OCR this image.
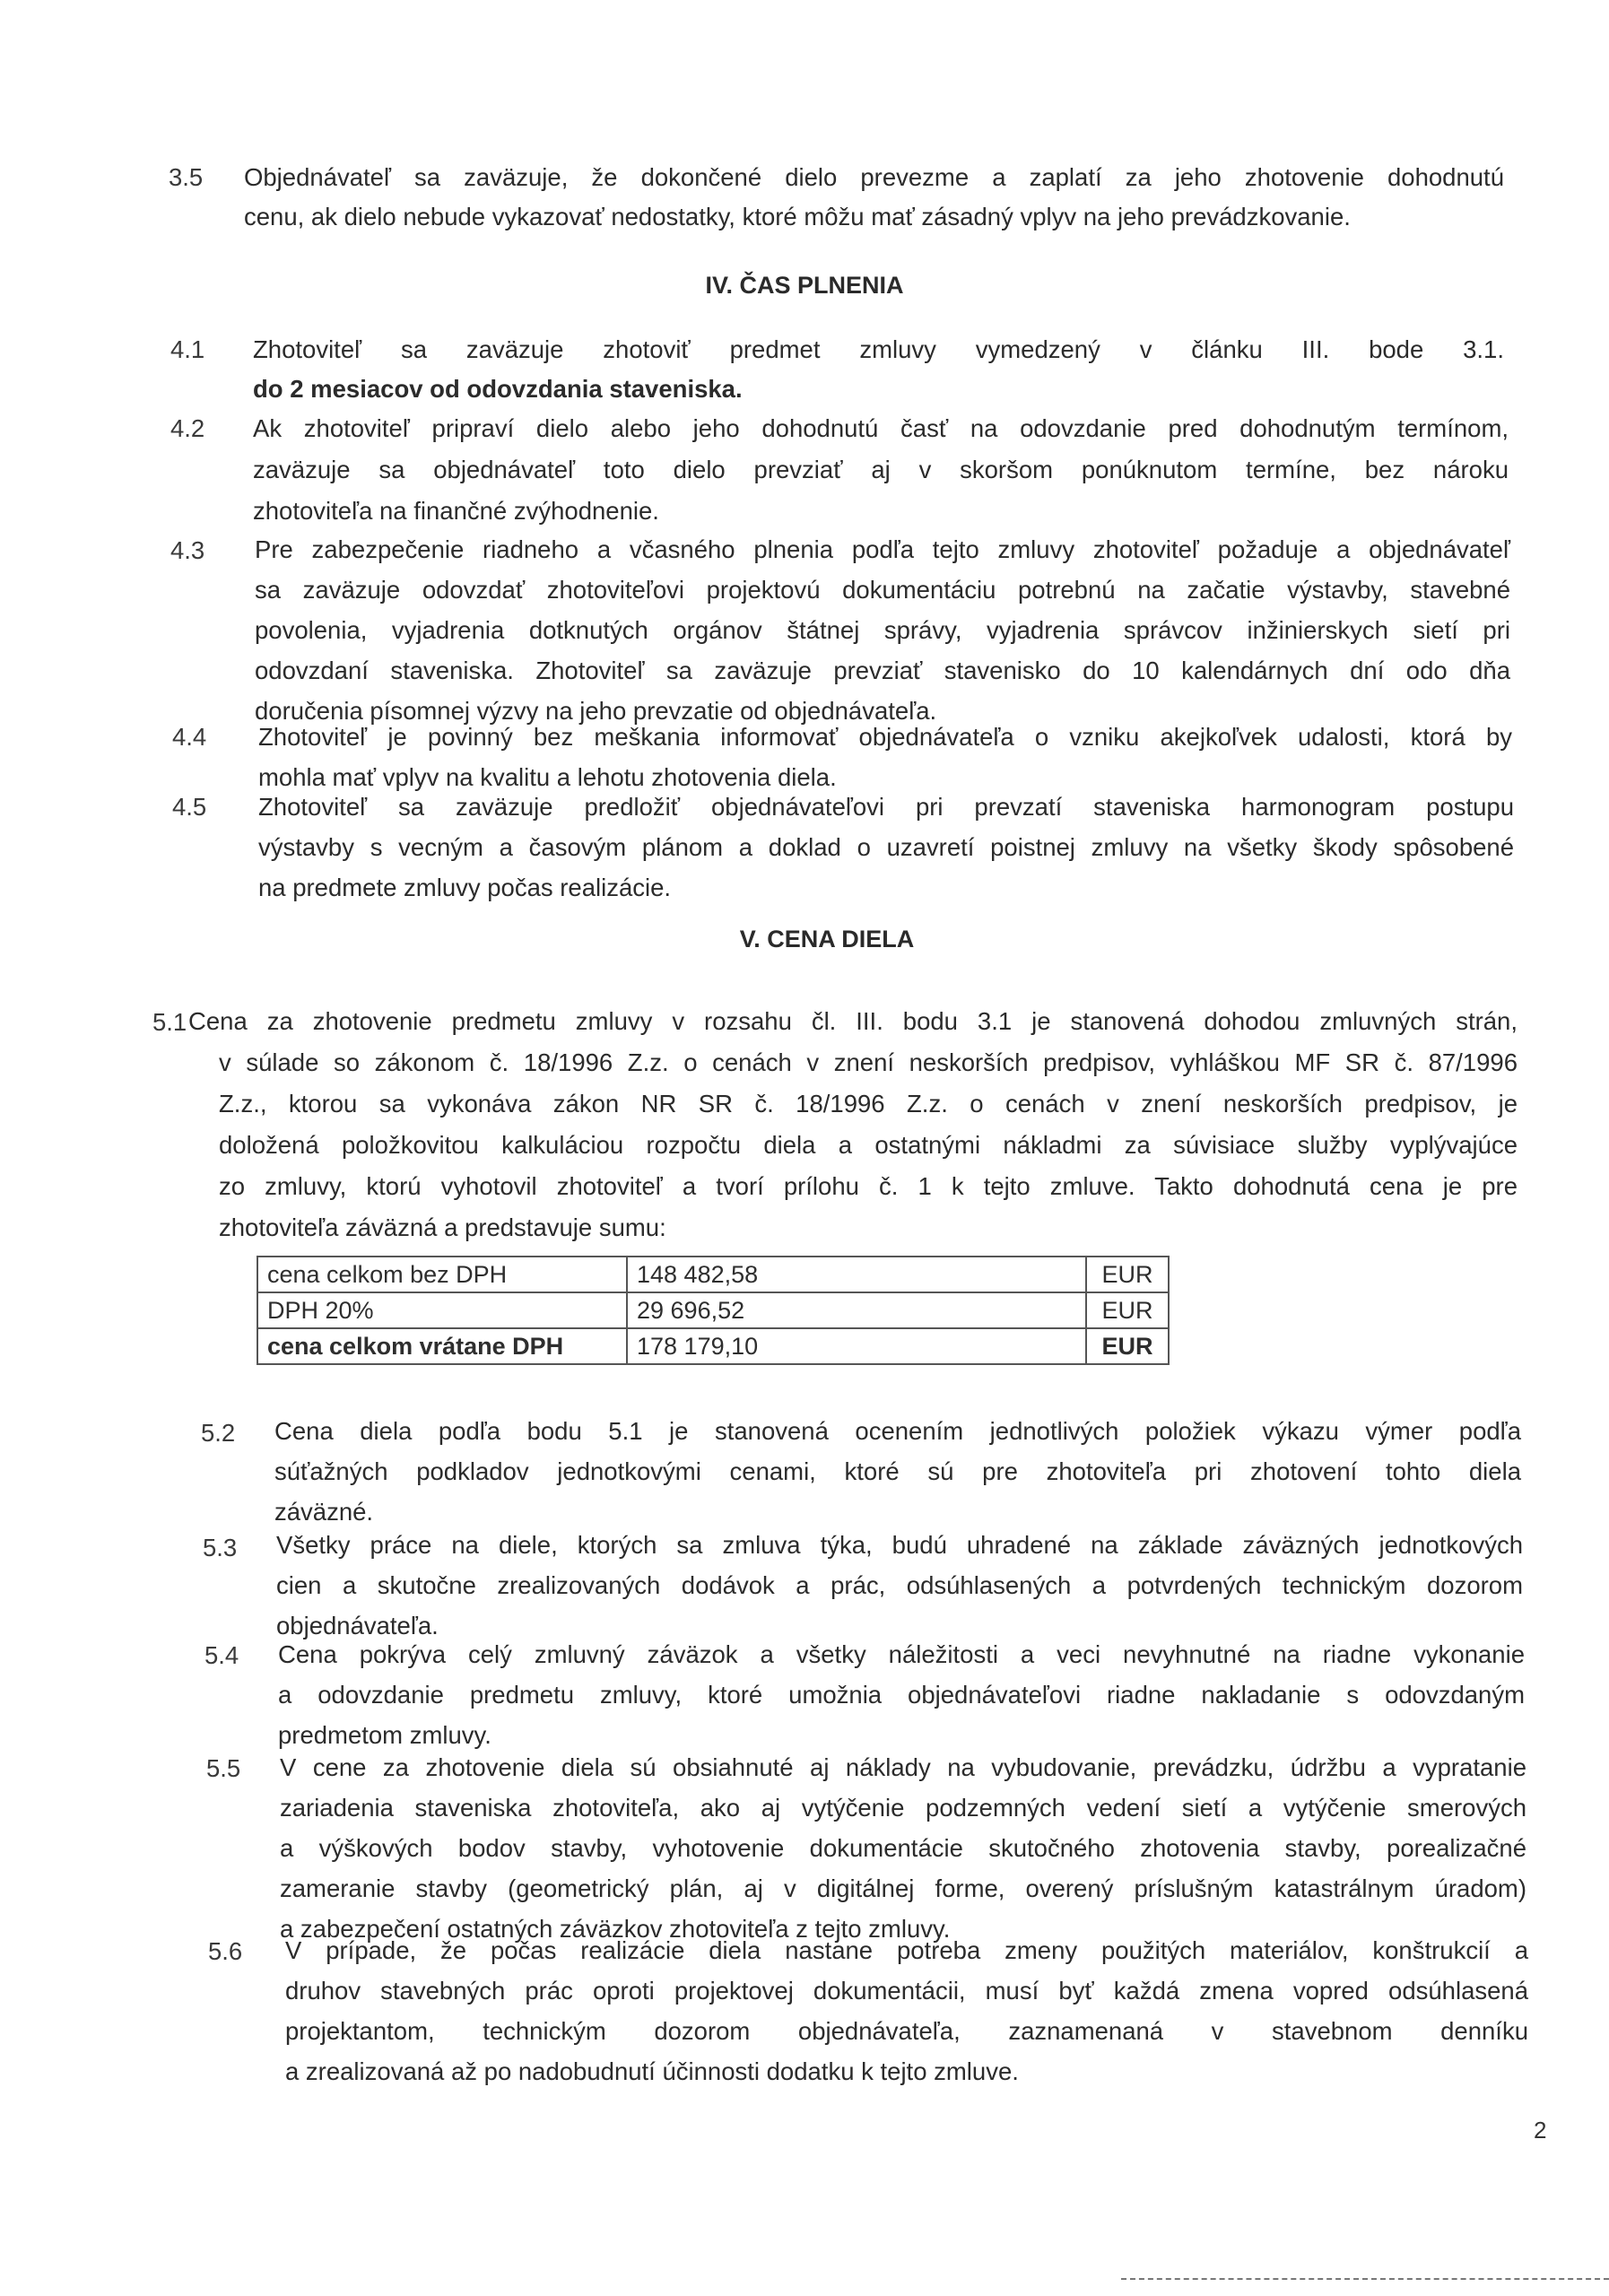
3.5 Objednávateľ sa zaväzuje, že dokončené dielo prevezme a zaplatí za jeho zhotovenie dohodnutú
cenu, ak dielo nebude vykazovať nedostatky, ktoré môžu mať zásadný vplyv na jeho prevádzkovanie.
IV. ČAS PLNENIA
4.1 Zhotoviteľ sa zaväzuje zhotoviť predmet zmluvy vymedzený v článku III. bode 3.1.
do 2 mesiacov od odovzdania staveniska.
4.2 Ak zhotoviteľ pripraví dielo alebo jeho dohodnutú časť na odovzdanie pred dohodnutým termínom,
zaväzuje sa objednávateľ toto dielo prevziať aj v skoršom ponúknutom termíne, bez nároku
zhotoviteľa na finančné zvýhodnenie.
4.3 Pre zabezpečenie riadneho a včasného plnenia podľa tejto zmluvy zhotoviteľ požaduje a objednávateľ
sa zaväzuje odovzdať zhotoviteľovi projektovú dokumentáciu potrebnú na začatie výstavby, stavebné
povolenia, vyjadrenia dotknutých orgánov štátnej správy, vyjadrenia správcov inžinierskych sietí pri
odovzdaní staveniska. Zhotoviteľ sa zaväzuje prevziať stavenisko do 10 kalendárnych dní odo dňa
doručenia písomnej výzvy na jeho prevzatie od objednávateľa.
4.4 Zhotoviteľ je povinný bez meškania informovať objednávateľa o vzniku akejkoľvek udalosti, ktorá by
mohla mať vplyv na kvalitu a lehotu zhotovenia diela.
4.5 Zhotoviteľ sa zaväzuje predložiť objednávateľovi pri prevzatí staveniska harmonogram postupu
výstavby s vecným a časovým plánom a doklad o uzavretí poistnej zmluvy na všetky škody spôsobené
na predmete zmluvy počas realizácie.
V. CENA DIELA
5.1 Cena za zhotovenie predmetu zmluvy v rozsahu čl. III. bodu 3.1 je stanovená dohodou zmluvných strán,
v súlade so zákonom č. 18/1996 Z.z. o cenách v znení neskorších predpisov, vyhláškou MF SR č. 87/1996
Z.z., ktorou sa vykonáva zákon NR SR č. 18/1996 Z.z. o cenách v znení neskorších predpisov, je
doložená položkovitou kalkuláciou rozpočtu diela a ostatnými nákladmi za súvisiace služby vyplývajúce
zo zmluvy, ktorú vyhotovil zhotoviteľ a tvorí prílohu č. 1 k tejto zmluve. Takto dohodnutá cena je pre
zhotoviteľa záväzná a predstavuje sumu:
cena celkom bez DPH	148 482,58	EUR
DPH 20%	29 696,52	EUR
cena celkom vrátane DPH	178 179,10	EUR
5.2 Cena diela podľa bodu 5.1 je stanovená ocenením jednotlivých položiek výkazu výmer podľa
súťažných podkladov jednotkovými cenami, ktoré sú pre zhotoviteľa pri zhotovení tohto diela
záväzné.
5.3 Všetky práce na diele, ktorých sa zmluva týka, budú uhradené na základe záväzných jednotkových
cien a skutočne zrealizovaných dodávok a prác, odsúhlasených a potvrdených technickým dozorom
objednávateľa.
5.4 Cena pokrýva celý zmluvný záväzok a všetky náležitosti a veci nevyhnutné na riadne vykonanie
a odovzdanie predmetu zmluvy, ktoré umožnia objednávateľovi riadne nakladanie s odovzdaným
predmetom zmluvy.
5.5 V cene za zhotovenie diela sú obsiahnuté aj náklady na vybudovanie, prevádzku, údržbu a vypratanie
zariadenia staveniska zhotoviteľa, ako aj vytýčenie podzemných vedení sietí a vytýčenie smerových
a výškových bodov stavby, vyhotovenie dokumentácie skutočného zhotovenia stavby, porealizačné
zameranie stavby (geometrický plán, aj v digitálnej forme, overený príslušným katastrálnym úradom)
a zabezpečení ostatných záväzkov zhotoviteľa z tejto zmluvy.
5.6 V prípade, že počas realizácie diela nastane potreba zmeny použitých materiálov, konštrukcií a
druhov stavebných prác oproti projektovej dokumentácii, musí byť každá zmena vopred odsúhlasená
projektantom, technickým dozorom objednávateľa, zaznamenaná v stavebnom denníku
a zrealizovaná až po nadobudnutí účinnosti dodatku k tejto zmluve.
2
